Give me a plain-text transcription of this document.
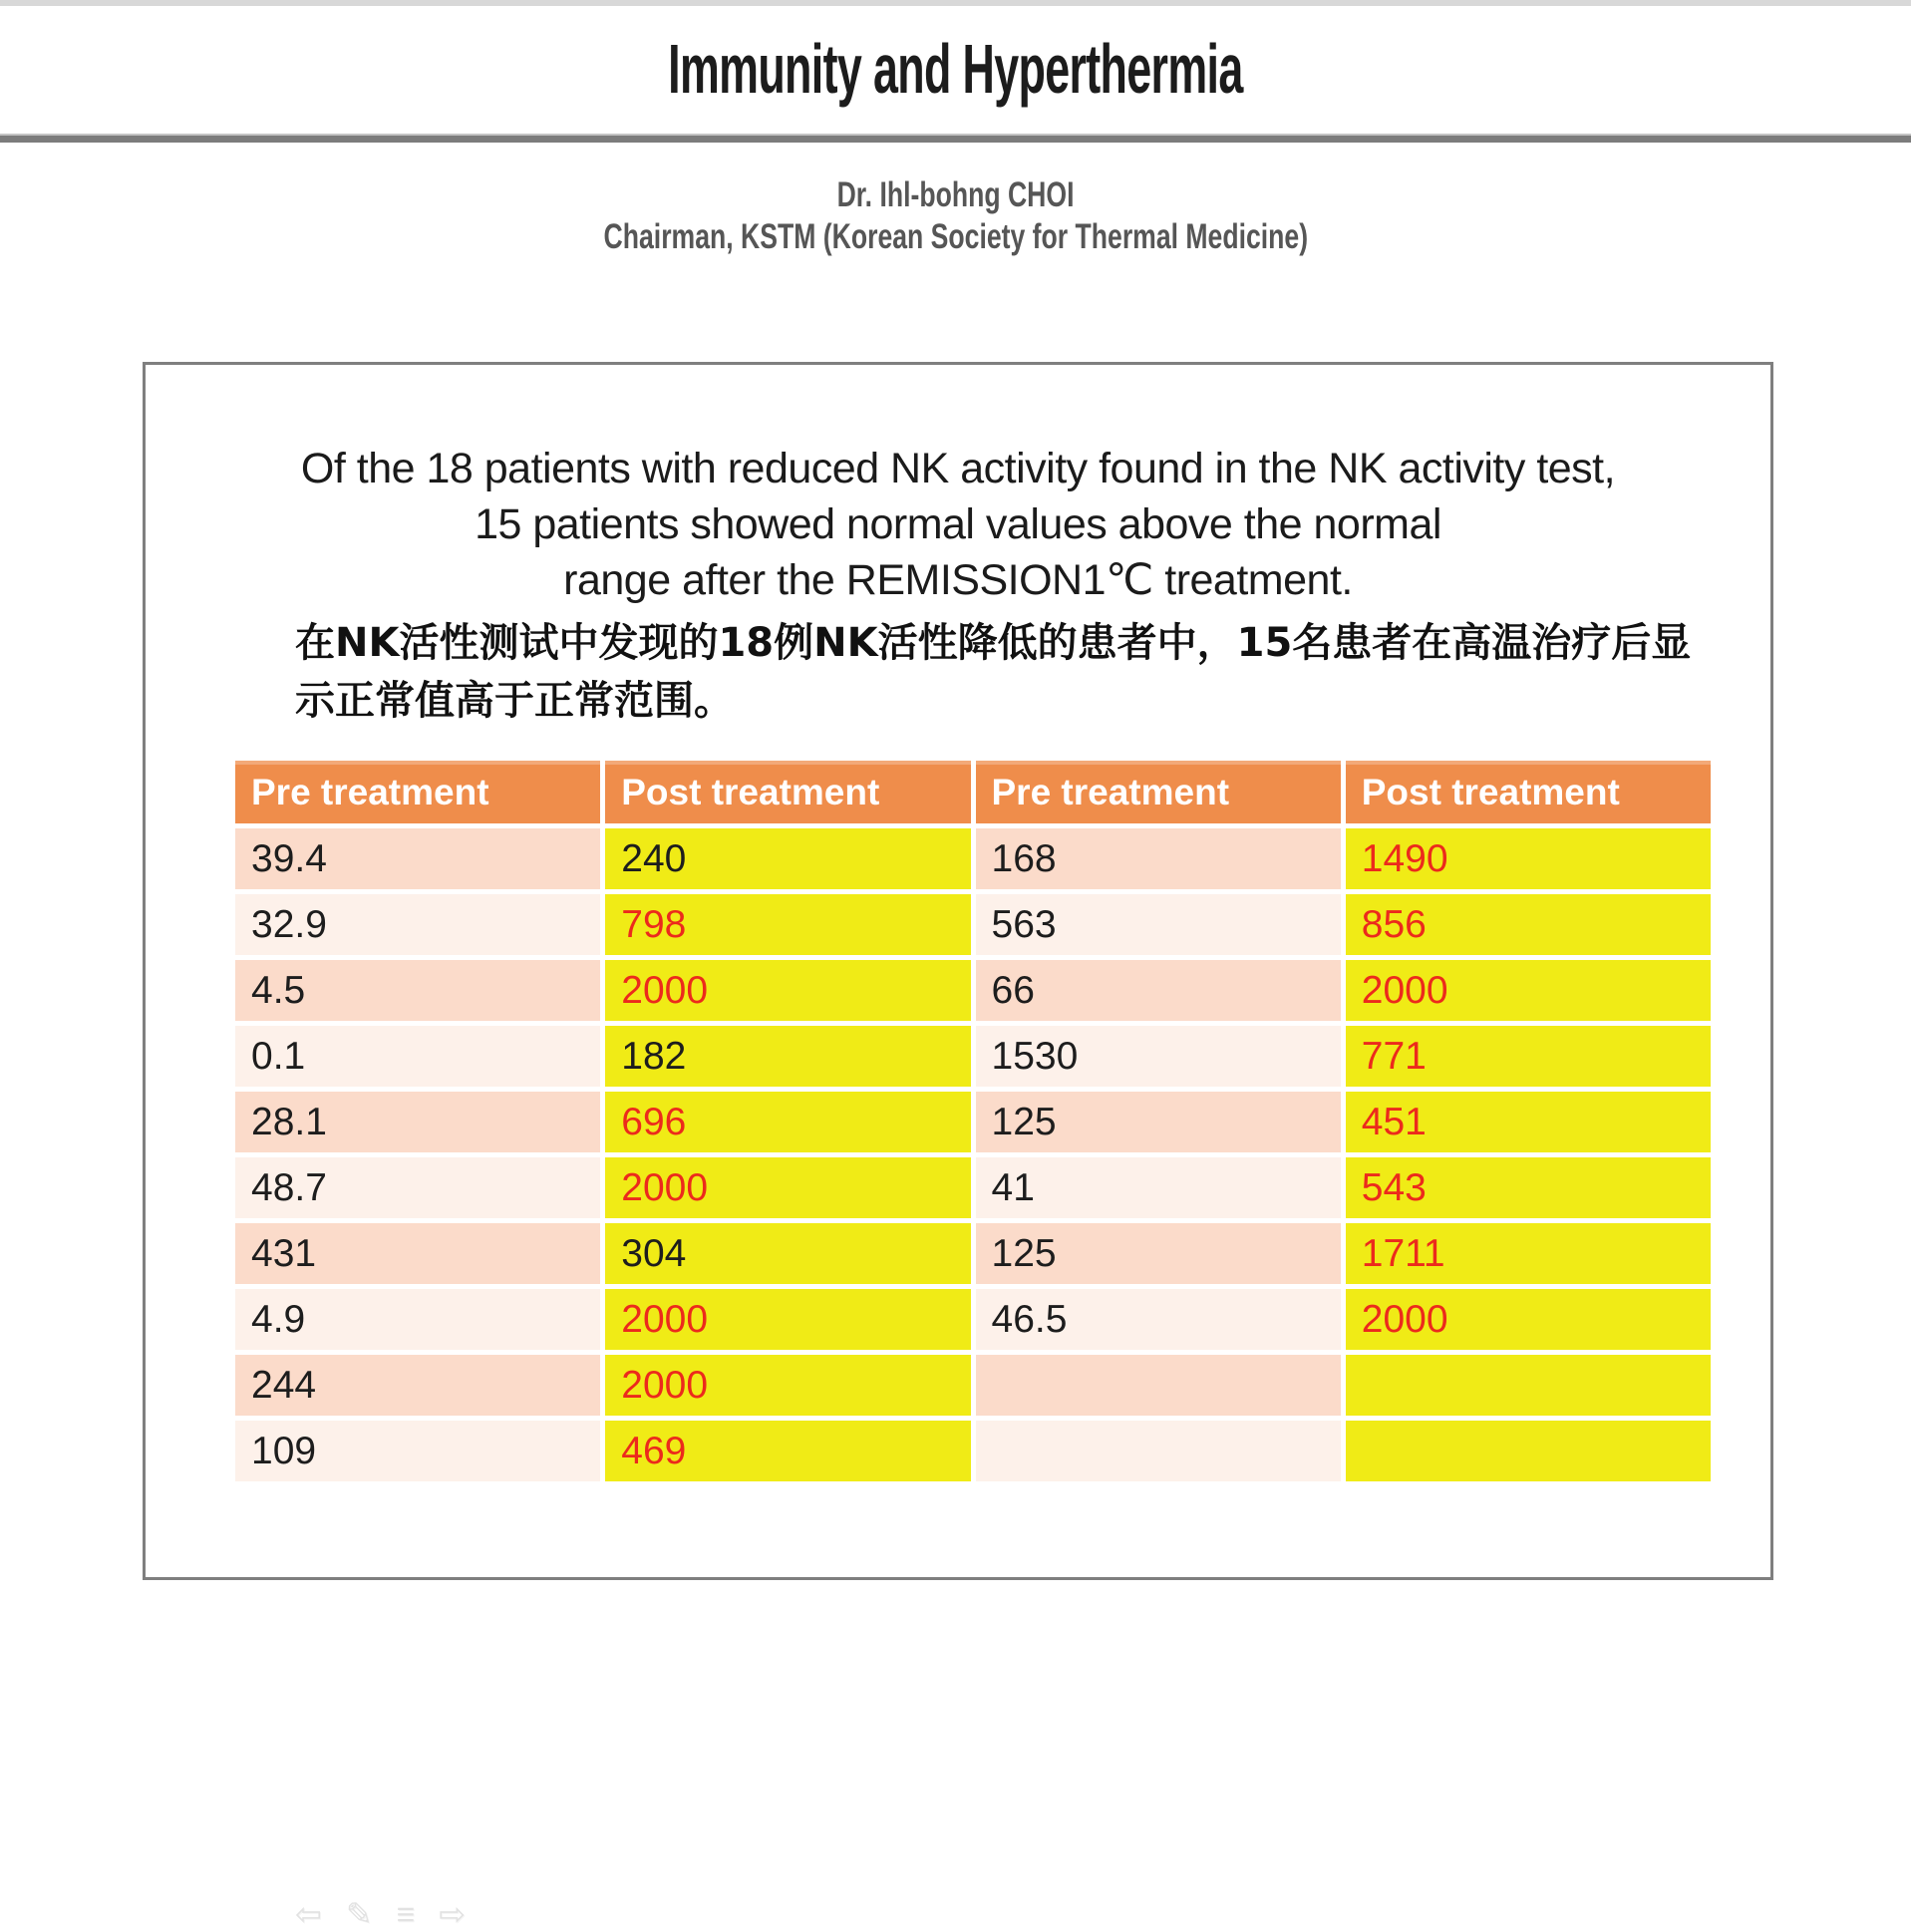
Immunity and Hyperthermia
Dr. Ihl-bohng CHOI
Chairman, KSTM (Korean Society for Thermal Medicine)
Of the 18 patients with reduced NK activity found in the NK activity test,
15 patients showed normal values above the normal
range after the REMISSION1℃ treatment.
在NK活性测试中发现的18例NK活性降低的患者中，15名患者在高温治疗后显
示正常值高于正常范围。
Pre treatment	Post treatment	Pre treatment	Post treatment
39.4	240	168	1490
32.9	798	563	856
4.5	2000	66	2000
0.1	182	1530	771
28.1	696	125	451
48.7	2000	41	543
431	304	125	1711
4.9	2000	46.5	2000
244	2000
109	469
⇦ ✎ ≡ ⇨
